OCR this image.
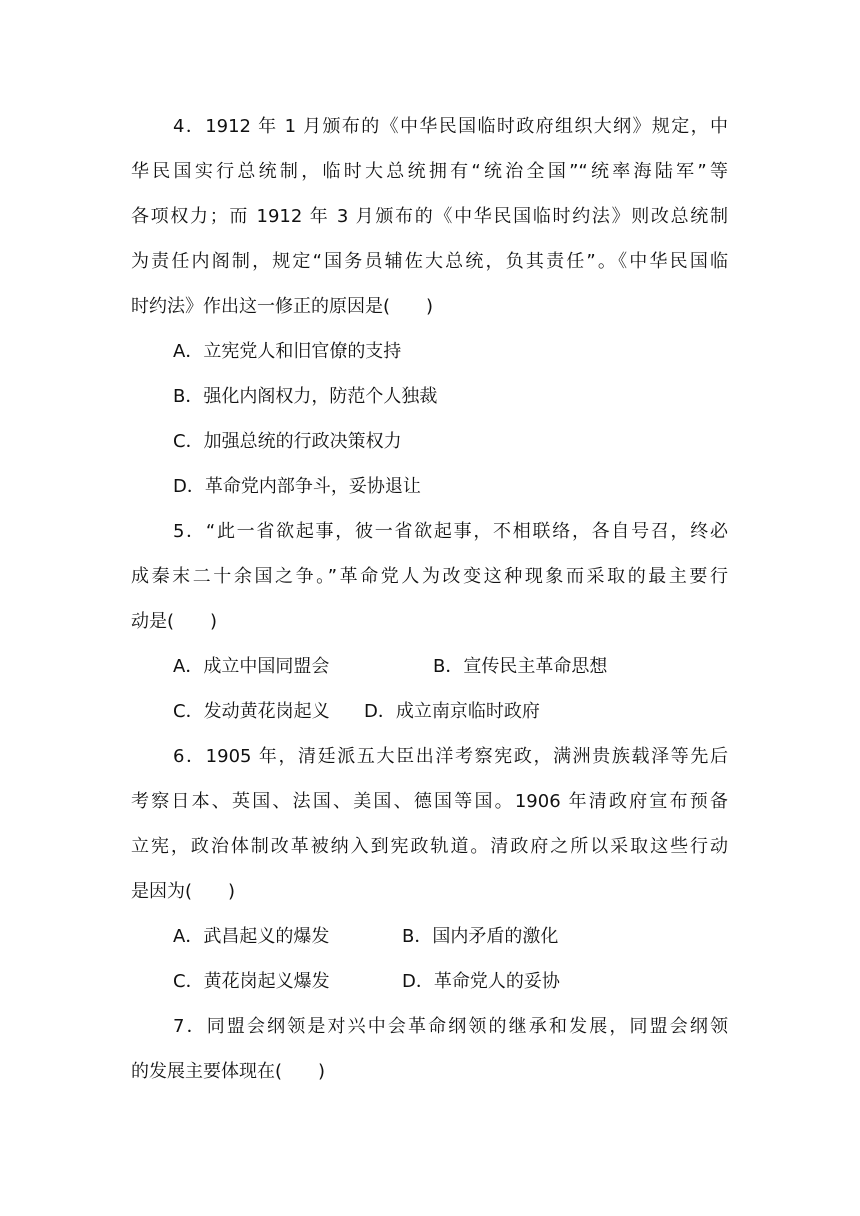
4．1912 年 1 月颁布的《中华民国临时政府组织大纲》规定，中

华民国实行总统制，临时大总统拥有“统治全国”“统率海陆军”等

各项权力；而 1912 年 3 月颁布的《中华民国临时约法》则改总统制

为责任内阁制，规定“国务员辅佐大总统，负其责任”。《中华民国临

时约法》作出这一修正的原因是(　　)

A．立宪党人和旧官僚的支持

B．强化内阁权力，防范个人独裁

C．加强总统的行政决策权力

D．革命党内部争斗，妥协退让

5．“此一省欲起事，彼一省欲起事，不相联络，各自号召，终必

成秦末二十余国之争。”革命党人为改变这种现象而采取的最主要行

动是(　　)

A．成立中国同盟会

	B．宣传民主革命思想

C．发动黄花岗起义

D．成立南京临时政府

6．1905 年，清廷派五大臣出洋考察宪政，满洲贵族载泽等先后

考察日本、英国、法国、美国、德国等国。1906 年清政府宣布预备

立宪，政治体制改革被纳入到宪政轨道。清政府之所以采取这些行动

是因为(　　)

A．武昌起义的爆发

	B．国内矛盾的激化

C．黄花岗起义爆发

	D．革命党人的妥协

7．同盟会纲领是对兴中会革命纲领的继承和发展，同盟会纲领

的发展主要体现在(　　)
